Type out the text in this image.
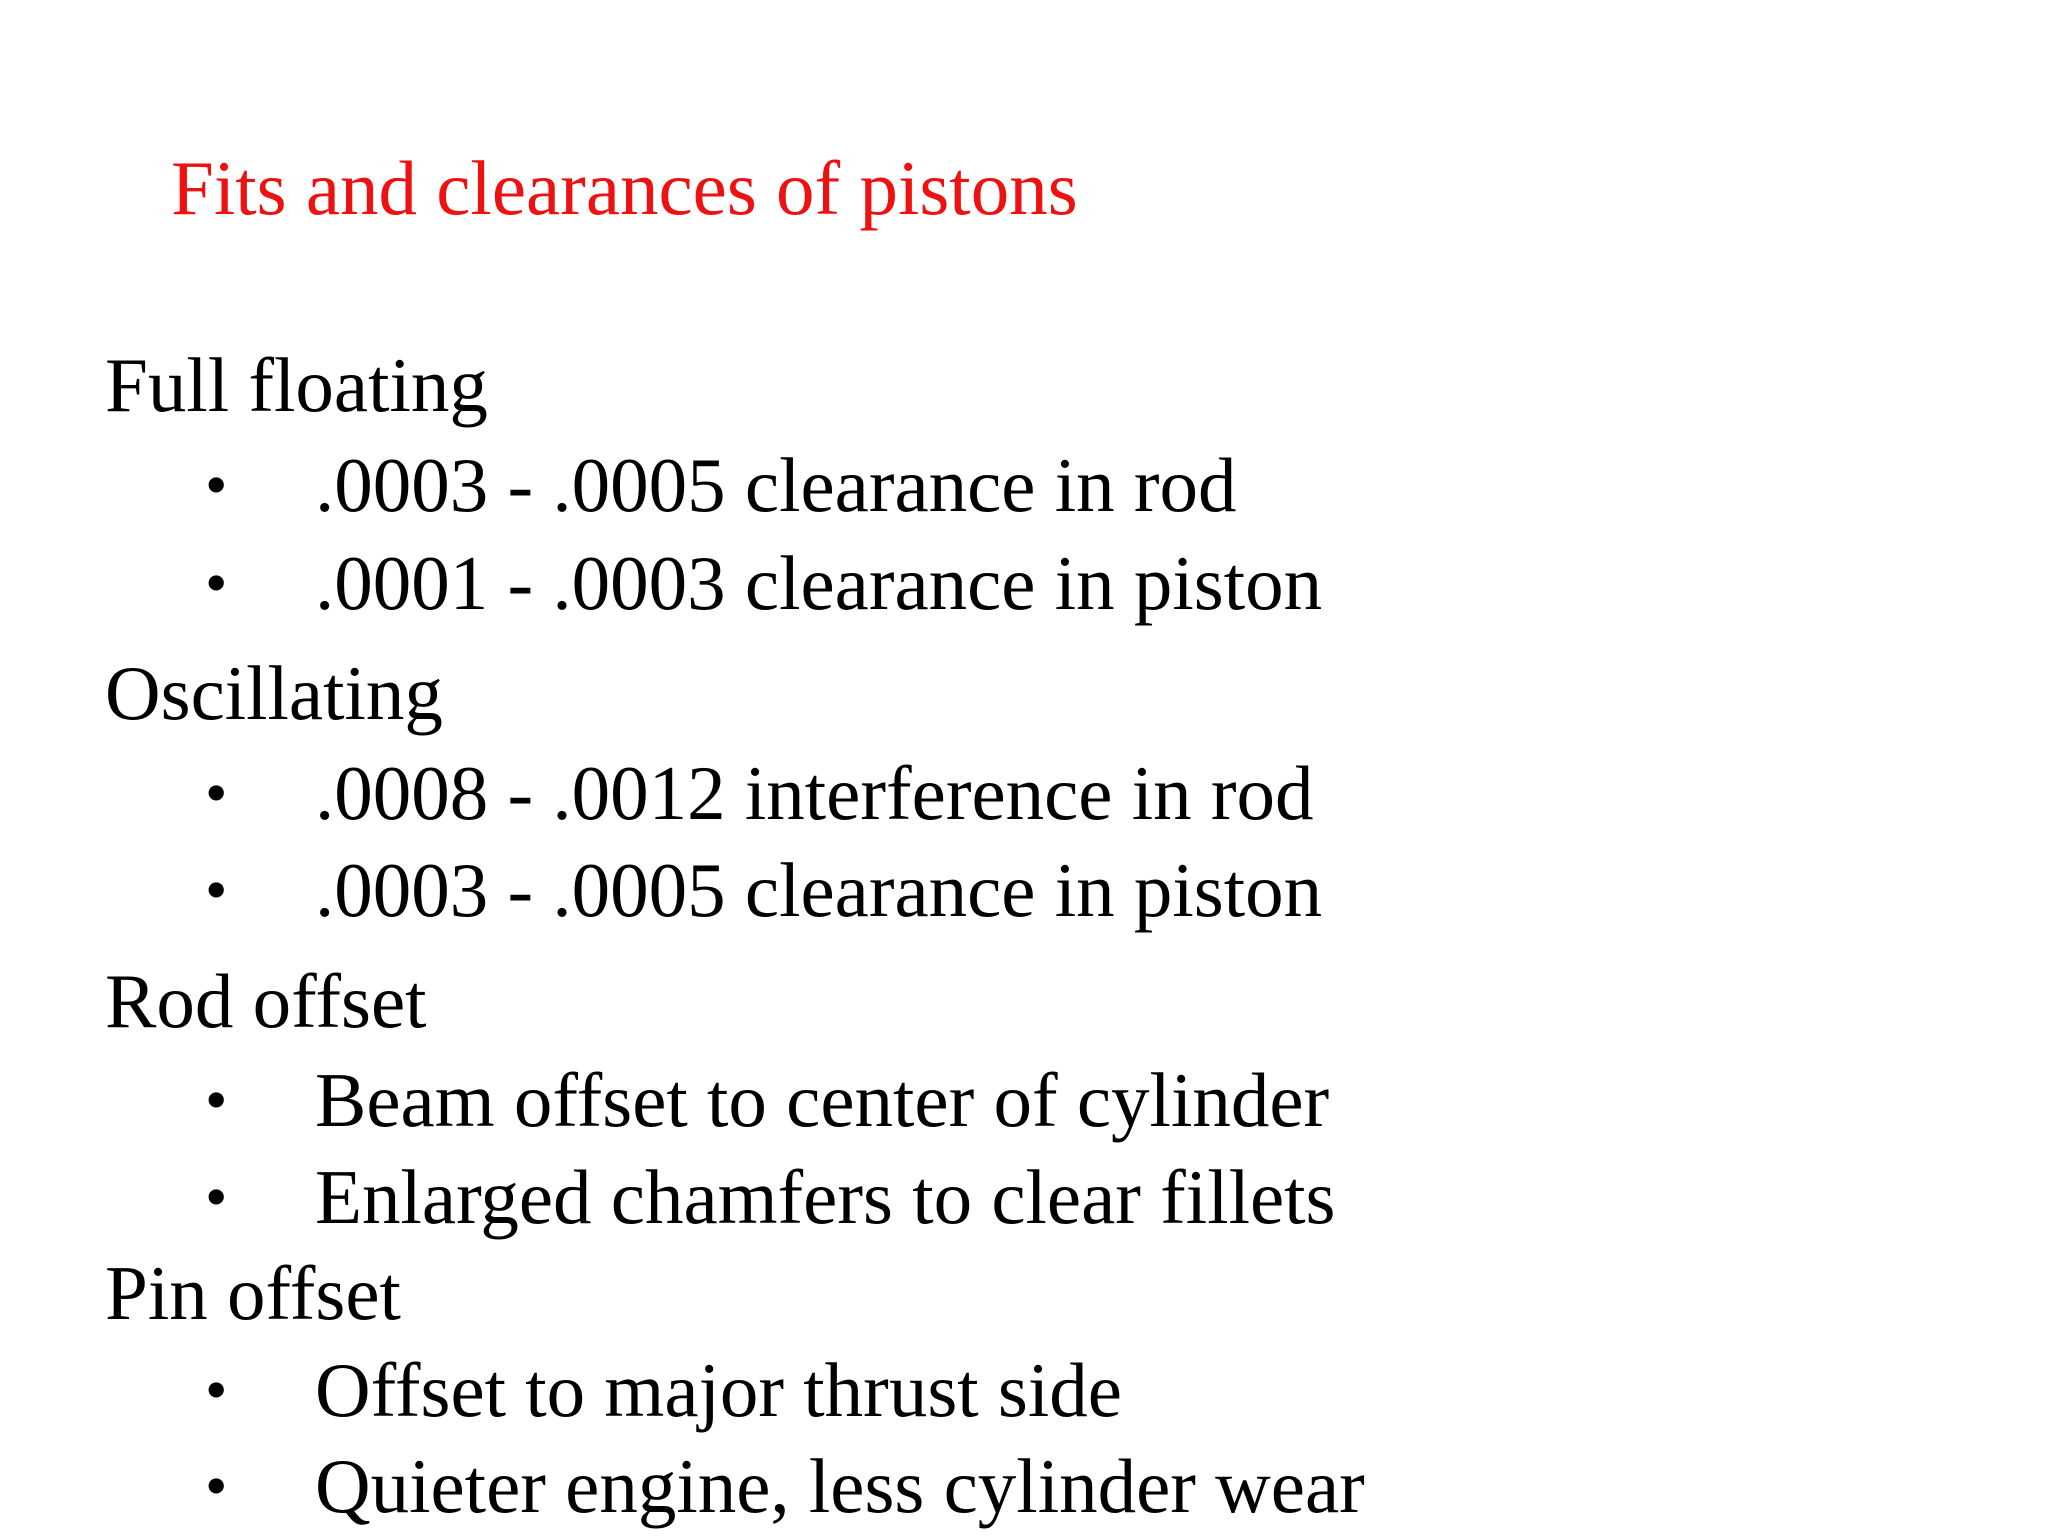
Fits and clearances of pistons
Full floating
•	.0003 - .0005 clearance in rod
•	.0001 - .0003 clearance in piston
Oscillating
•	.0008 - .0012 interference in rod
•	.0003 - .0005 clearance in piston
Rod offset
•	Beam offset to center of cylinder
•	Enlarged chamfers to clear fillets
Pin offset
•	Offset to major thrust side
•	Quieter engine, less cylinder wear
